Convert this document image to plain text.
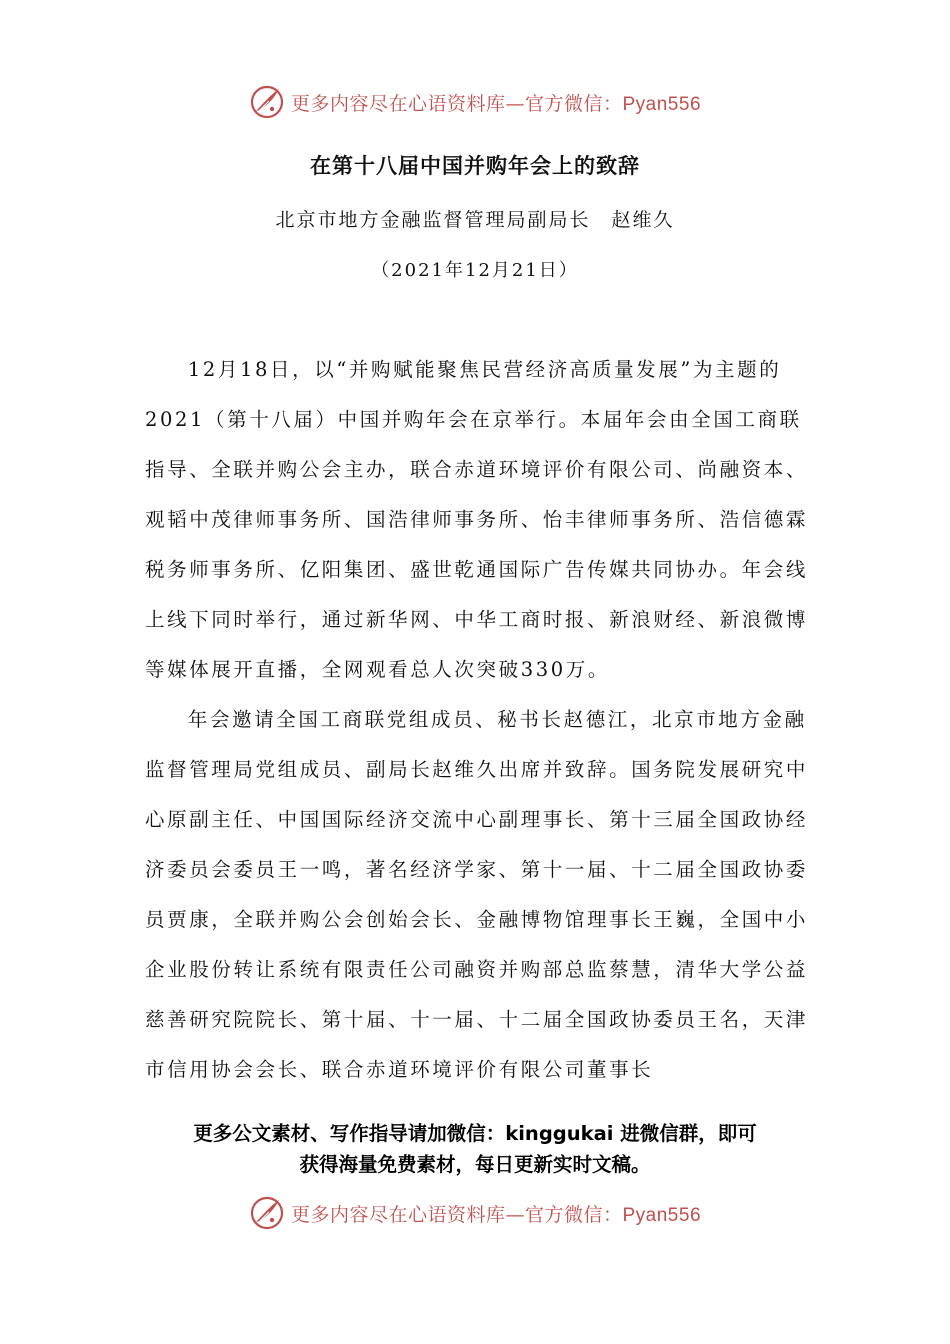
更多内容尽在心语资料库—官方微信：Pyan556
在第十八届中国并购年会上的致辞
北京市地方金融监督管理局副局长　赵维久
（2021年12月21日）

12月18日，以“并购赋能聚焦民营经济高质量发展”为主题的2021（第十八届）中国并购年会在京举行。本届年会由全国工商联指导、全联并购公会主办，联合赤道环境评价有限公司、尚融资本、观韬中茂律师事务所、国浩律师事务所、怡丰律师事务所、浩信德霖税务师事务所、亿阳集团、盛世乾通国际广告传媒共同协办。年会线上线下同时举行，通过新华网、中华工商时报、新浪财经、新浪微博等媒体展开直播，全网观看总人次突破330万。

年会邀请全国工商联党组成员、秘书长赵德江，北京市地方金融监督管理局党组成员、副局长赵维久出席并致辞。国务院发展研究中心原副主任、中国国际经济交流中心副理事长、第十三届全国政协经济委员会委员王一鸣，著名经济学家、第十一届、十二届全国政协委员贾康，全联并购公会创始会长、金融博物馆理事长王巍，全国中小企业股份转让系统有限责任公司融资并购部总监蔡慧，清华大学公益慈善研究院院长、第十届、十一届、十二届全国政协委员王名，天津市信用协会会长、联合赤道环境评价有限公司董事长

更多公文素材、写作指导请加微信：kinggukai 进微信群，即可
获得海量免费素材，每日更新实时文稿。
更多内容尽在心语资料库—官方微信：Pyan556
